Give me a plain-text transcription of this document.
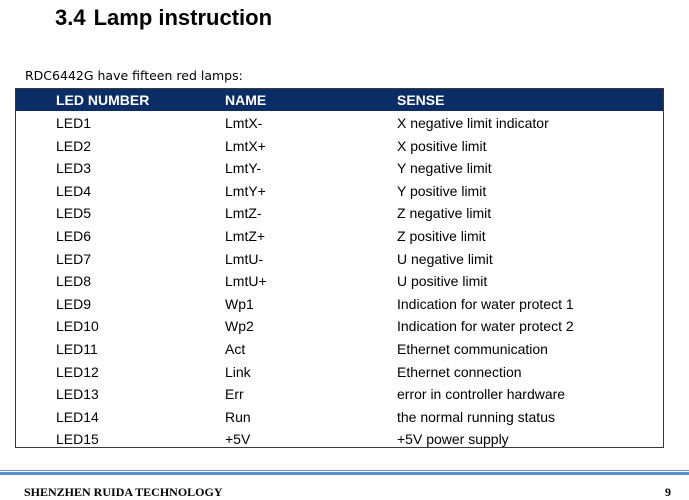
3.4 Lamp instruction
RDC6442G have fifteen red lamps:
LED NUMBER	NAME	SENSE
LED1	LmtX-	X negative limit indicator
LED2	LmtX+	X positive limit
LED3	LmtY-	Y negative limit
LED4	LmtY+	Y positive limit
LED5	LmtZ-	Z negative limit
LED6	LmtZ+	Z positive limit
LED7	LmtU-	U negative limit
LED8	LmtU+	U positive limit
LED9	Wp1	Indication for water protect 1
LED10	Wp2	Indication for water protect 2
LED11	Act	Ethernet communication
LED12	Link	Ethernet connection
LED13	Err	error in controller hardware
LED14	Run	the normal running status
LED15	+5V	+5V power supply
SHENZHEN RUIDA TECHNOLOGY	9
